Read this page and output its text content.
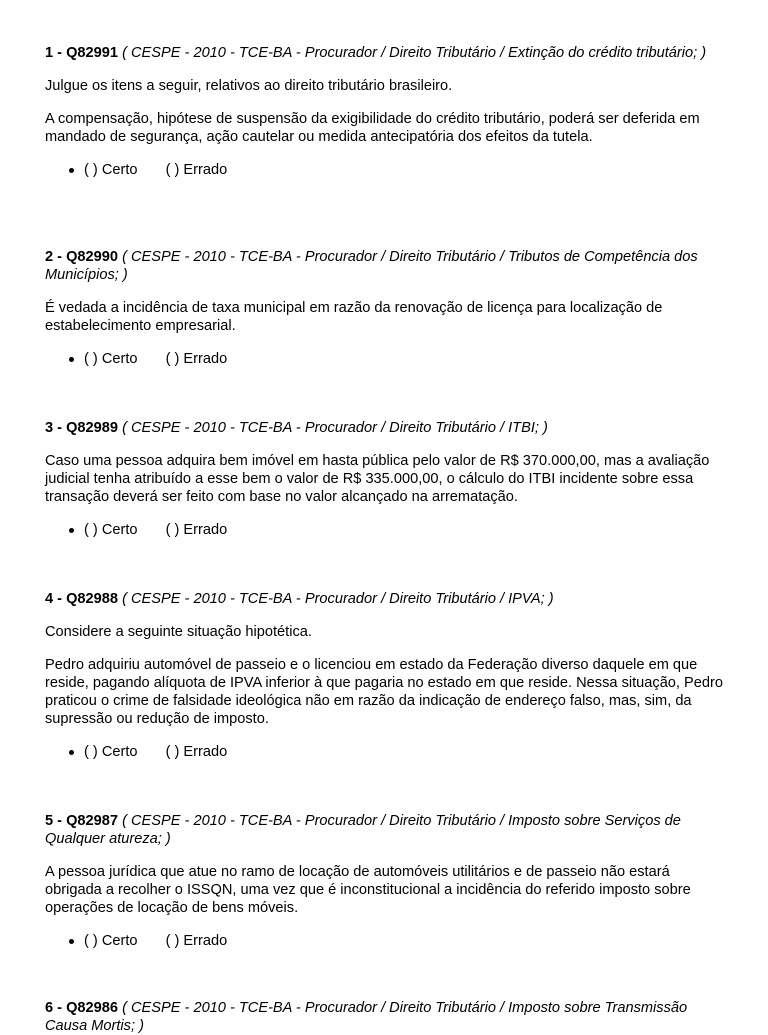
1 - Q82991 ( CESPE - 2010 - TCE-BA - Procurador / Direito Tributário / Extinção do crédito tributário; )

Julgue os itens a seguir, relativos ao direito tributário brasileiro.

A compensação, hipótese de suspensão da exigibilidade do crédito tributário, poderá ser deferida em mandado de segurança, ação cautelar ou medida antecipatória dos efeitos da tutela.

( ) Certo ( ) Errado

2 - Q82990 ( CESPE - 2010 - TCE-BA - Procurador / Direito Tributário / Tributos de Competência dos Municípios; )

É vedada a incidência de taxa municipal em razão da renovação de licença para localização de estabelecimento empresarial.

( ) Certo ( ) Errado

3 - Q82989 ( CESPE - 2010 - TCE-BA - Procurador / Direito Tributário / ITBI; )

Caso uma pessoa adquira bem imóvel em hasta pública pelo valor de R$ 370.000,00, mas a avaliação judicial tenha atribuído a esse bem o valor de R$ 335.000,00, o cálculo do ITBI incidente sobre essa transação deverá ser feito com base no valor alcançado na arrematação.

( ) Certo ( ) Errado

4 - Q82988 ( CESPE - 2010 - TCE-BA - Procurador / Direito Tributário / IPVA; )

Considere a seguinte situação hipotética.

Pedro adquiriu automóvel de passeio e o licenciou em estado da Federação diverso daquele em que reside, pagando alíquota de IPVA inferior à que pagaria no estado em que reside. Nessa situação, Pedro praticou o crime de falsidade ideológica não em razão da indicação de endereço falso, mas, sim, da supressão ou redução de imposto.

( ) Certo ( ) Errado

5 - Q82987 ( CESPE - 2010 - TCE-BA - Procurador / Direito Tributário / Imposto sobre Serviços de Qualquer atureza; )

A pessoa jurídica que atue no ramo de locação de automóveis utilitários e de passeio não estará obrigada a recolher o ISSQN, uma vez que é inconstitucional a incidência do referido imposto sobre operações de locação de bens móveis.

( ) Certo ( ) Errado

6 - Q82986 ( CESPE - 2010 - TCE-BA - Procurador / Direito Tributário / Imposto sobre Transmissão Causa Mortis; )
